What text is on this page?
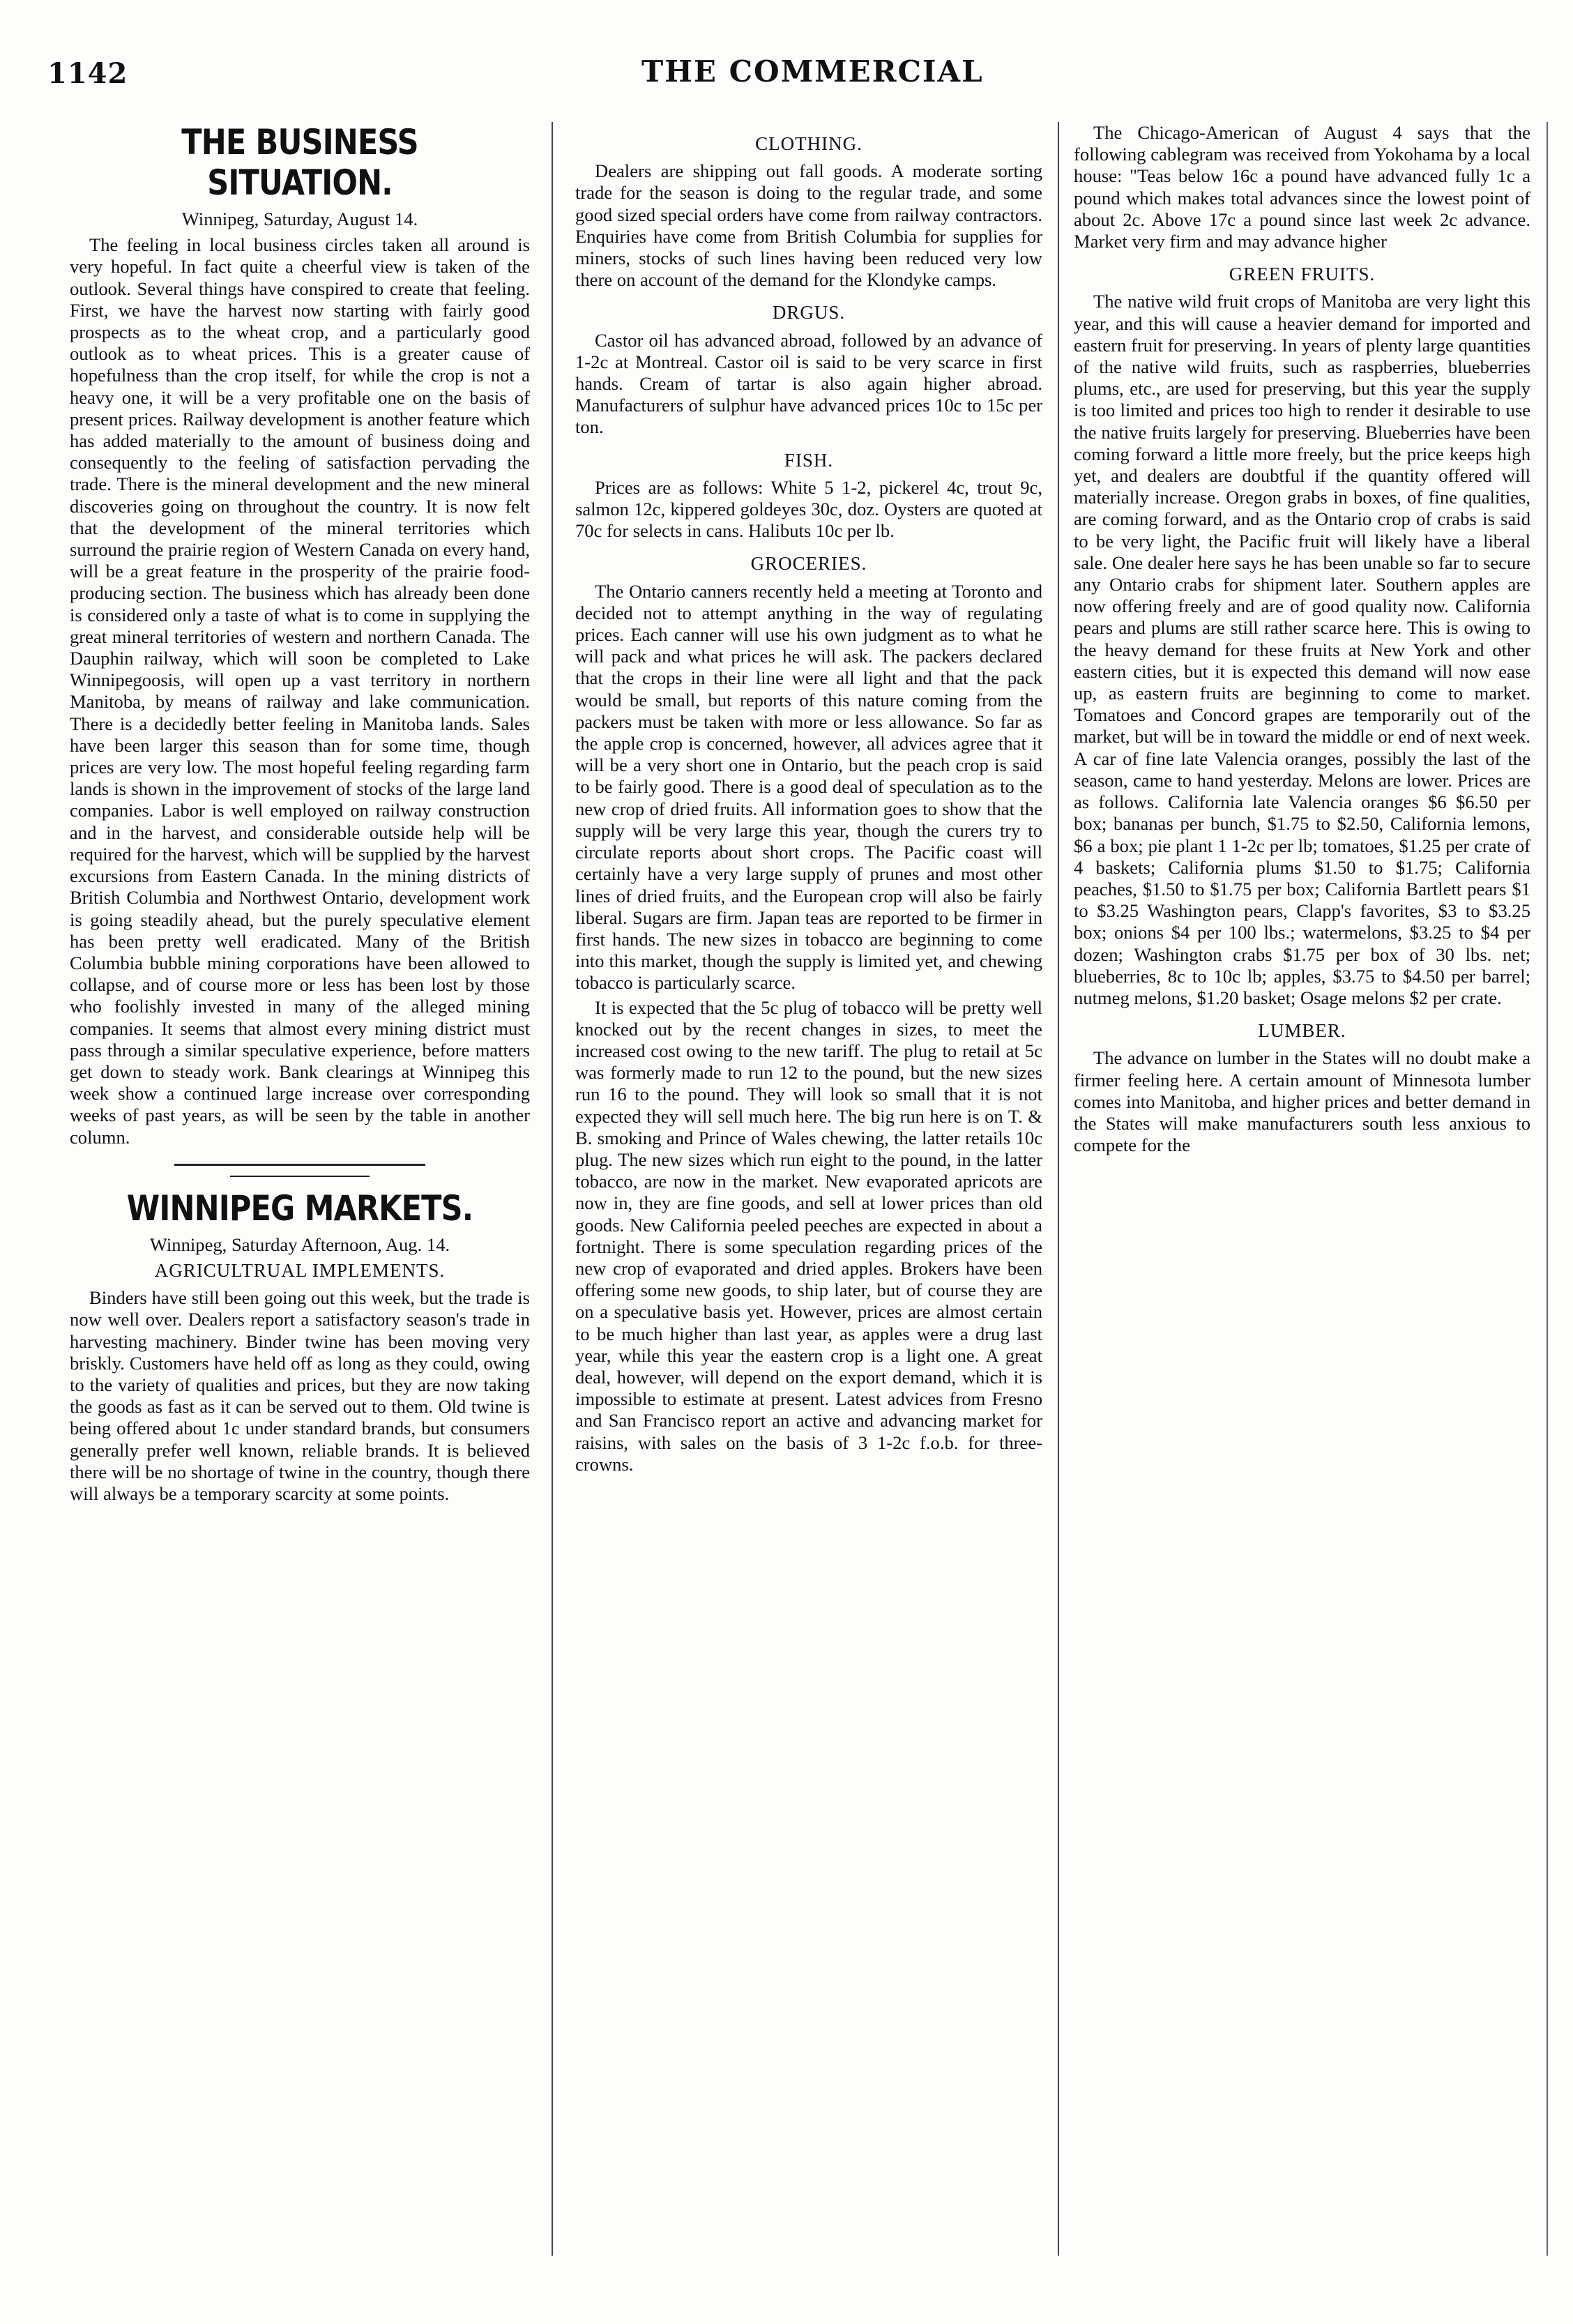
1142	THE COMMERCIAL
THE BUSINESS SITUATION.
Winnipeg, Saturday, August 14.

The feeling in local business circles taken all around is very hopeful. In fact quite a cheerful view is taken of the outlook. Several things have conspired to create that feeling. First, we have the harvest now starting with fairly good prospects as to the wheat crop, and a particularly good outlook as to wheat prices. This is a greater cause of hopefulness than the crop itself, for while the crop is not a heavy one, it will be a very profitable one on the basis of present prices. Railway development is another feature which has added materially to the amount of business doing and consequently to the feeling of satisfaction pervading the trade. There is the mineral development and the new mineral discoveries going on throughout the country. It is now felt that the development of the mineral territories which surround the prairie region of Western Canada on every hand, will be a great feature in the prosperity of the prairie food-producing section. The business which has already been done is considered only a taste of what is to come in supplying the great mineral territories of western and northern Canada. The Dauphin railway, which will soon be completed to Lake Winnipegoosis, will open up a vast territory in northern Manitoba, by means of railway and lake communication. There is a decidedly better feeling in Manitoba lands. Sales have been larger this season than for some time, though prices are very low. The most hopeful feeling regarding farm lands is shown in the improvement of stocks of the large land companies. Labor is well employed on railway construction and in the harvest, and considerable outside help will be required for the harvest, which will be supplied by the harvest excursions from Eastern Canada. In the mining districts of British Columbia and Northwest Ontario, development work is going steadily ahead, but the purely speculative element has been pretty well eradicated. Many of the British Columbia bubble mining corporations have been allowed to collapse, and of course more or less has been lost by those who foolishly invested in many of the alleged mining companies. It seems that almost every mining district must pass through a similar speculative experience, before matters get down to steady work. Bank clearings at Winnipeg this week show a continued large increase over corresponding weeks of past years, as will be seen by the table in another column.

WINNIPEG MARKETS.
Winnipeg, Saturday Afternoon, Aug. 14.
AGRICULTRUAL IMPLEMENTS.

Binders have still been going out this week, but the trade is now well over. Dealers report a satisfactory season's trade in harvesting machinery. Binder twine has been moving very briskly. Customers have held off as long as they could, owing to the variety of qualities and prices, but they are now taking the goods as fast as it can be served out to them. Old twine is being offered about 1c under standard brands, but consumers generally prefer well known, reliable brands. It is believed there will be no shortage of twine in the country, though there will always be a temporary scarcity at some points.

CLOTHING.

Dealers are shipping out fall goods. A moderate sorting trade for the season is doing to the regular trade, and some good sized special orders have come from railway contractors. Enquiries have come from British Columbia for supplies for miners, stocks of such lines having been reduced very low there on account of the demand for the Klondyke camps.

DRGUS.

Castor oil has advanced abroad, followed by an advance of 1-2c at Montreal. Castor oil is said to be very scarce in first hands. Cream of tartar is also again higher abroad. Manufacturers of sulphur have advanced prices 10c to 15c per ton.

FISH.

Prices are as follows: White 5 1-2, pickerel 4c, trout 9c, salmon 12c, kippered goldeyes 30c, doz. Oysters are quoted at 70c for selects in cans. Halibuts 10c per lb.

GROCERIES.

The Ontario canners recently held a meeting at Toronto and decided not to attempt anything in the way of regulating prices. Each canner will use his own judgment as to what he will pack and what prices he will ask. The packers declared that the crops in their line were all light and that the pack would be small, but reports of this nature coming from the packers must be taken with more or less allowance. So far as the apple crop is concerned, however, all advices agree that it will be a very short one in Ontario, but the peach crop is said to be fairly good. There is a good deal of speculation as to the new crop of dried fruits. All information goes to show that the supply will be very large this year, though the curers try to circulate reports about short crops. The Pacific coast will certainly have a very large supply of prunes and most other lines of dried fruits, and the European crop will also be fairly liberal. Sugars are firm. Japan teas are reported to be firmer in first hands. The new sizes in tobacco are beginning to come into this market, though the supply is limited yet, and chewing tobacco is particularly scarce.

It is expected that the 5c plug of tobacco will be pretty well knocked out by the recent changes in sizes, to meet the increased cost owing to the new tariff. The plug to retail at 5c was formerly made to run 12 to the pound, but the new sizes run 16 to the pound. They will look so small that it is not expected they will sell much here. The big run here is on T. & B. smoking and Prince of Wales chewing, the latter retails 10c plug. The new sizes which run eight to the pound, in the latter tobacco, are now in the market. New evaporated apricots are now in, they are fine goods, and sell at lower prices than old goods. New California peeled peeches are expected in about a fortnight. There is some speculation regarding prices of the new crop of evaporated and dried apples. Brokers have been offering some new goods, to ship later, but of course they are on a speculative basis yet. However, prices are almost certain to be much higher than last year, as apples were a drug last year, while this year the eastern crop is a light one. A great deal, however, will depend on the export demand, which it is impossible to estimate at present. Latest advices from Fresno and San Francisco report an active and advancing market for raisins, with sales on the basis of 3 1-2c f.o.b. for three-crowns.

The Chicago-American of August 4 says that the following cablegram was received from Yokohama by a local house: "Teas below 16c a pound have advanced fully 1c a pound which makes total advances since the lowest point of about 2c. Above 17c a pound since last week 2c advance. Market very firm and may advance higher

GREEN FRUITS.

The native wild fruit crops of Manitoba are very light this year, and this will cause a heavier demand for imported and eastern fruit for preserving. In years of plenty large quantities of the native wild fruits, such as raspberries, blueberries plums, etc., are used for preserving, but this year the supply is too limited and prices too high to render it desirable to use the native fruits largely for preserving. Blueberries have been coming forward a little more freely, but the price keeps high yet, and dealers are doubtful if the quantity offered will materially increase. Oregon grabs in boxes, of fine qualities, are coming forward, and as the Ontario crop of crabs is said to be very light, the Pacific fruit will likely have a liberal sale. One dealer here says he has been unable so far to secure any Ontario crabs for shipment later. Southern apples are now offering freely and are of good quality now. California pears and plums are still rather scarce here. This is owing to the heavy demand for these fruits at New York and other eastern cities, but it is expected this demand will now ease up, as eastern fruits are beginning to come to market. Tomatoes and Concord grapes are temporarily out of the market, but will be in toward the middle or end of next week. A car of fine late Valencia oranges, possibly the last of the season, came to hand yesterday. Melons are lower. Prices are as follows. California late Valencia oranges $6 $6.50 per box; bananas per bunch, $1.75 to $2.50, California lemons, $6 a box; pie plant 1 1-2c per lb; tomatoes, $1.25 per crate of 4 baskets; California plums $1.50 to $1.75; California peaches, $1.50 to $1.75 per box; California Bartlett pears $1 to $3.25 Washington pears, Clapp's favorites, $3 to $3.25 box; onions $4 per 100 lbs.; watermelons, $3.25 to $4 per dozen; Washington crabs $1.75 per box of 30 lbs. net; blueberries, 8c to 10c lb; apples, $3.75 to $4.50 per barrel; nutmeg melons, $1.20 basket; Osage melons $2 per crate.

LUMBER.

The advance on lumber in the States will no doubt make a firmer feeling here. A certain amount of Minnesota lumber comes into Manitoba, and higher prices and better demand in the States will make manufacturers south less anxious to compete for the
